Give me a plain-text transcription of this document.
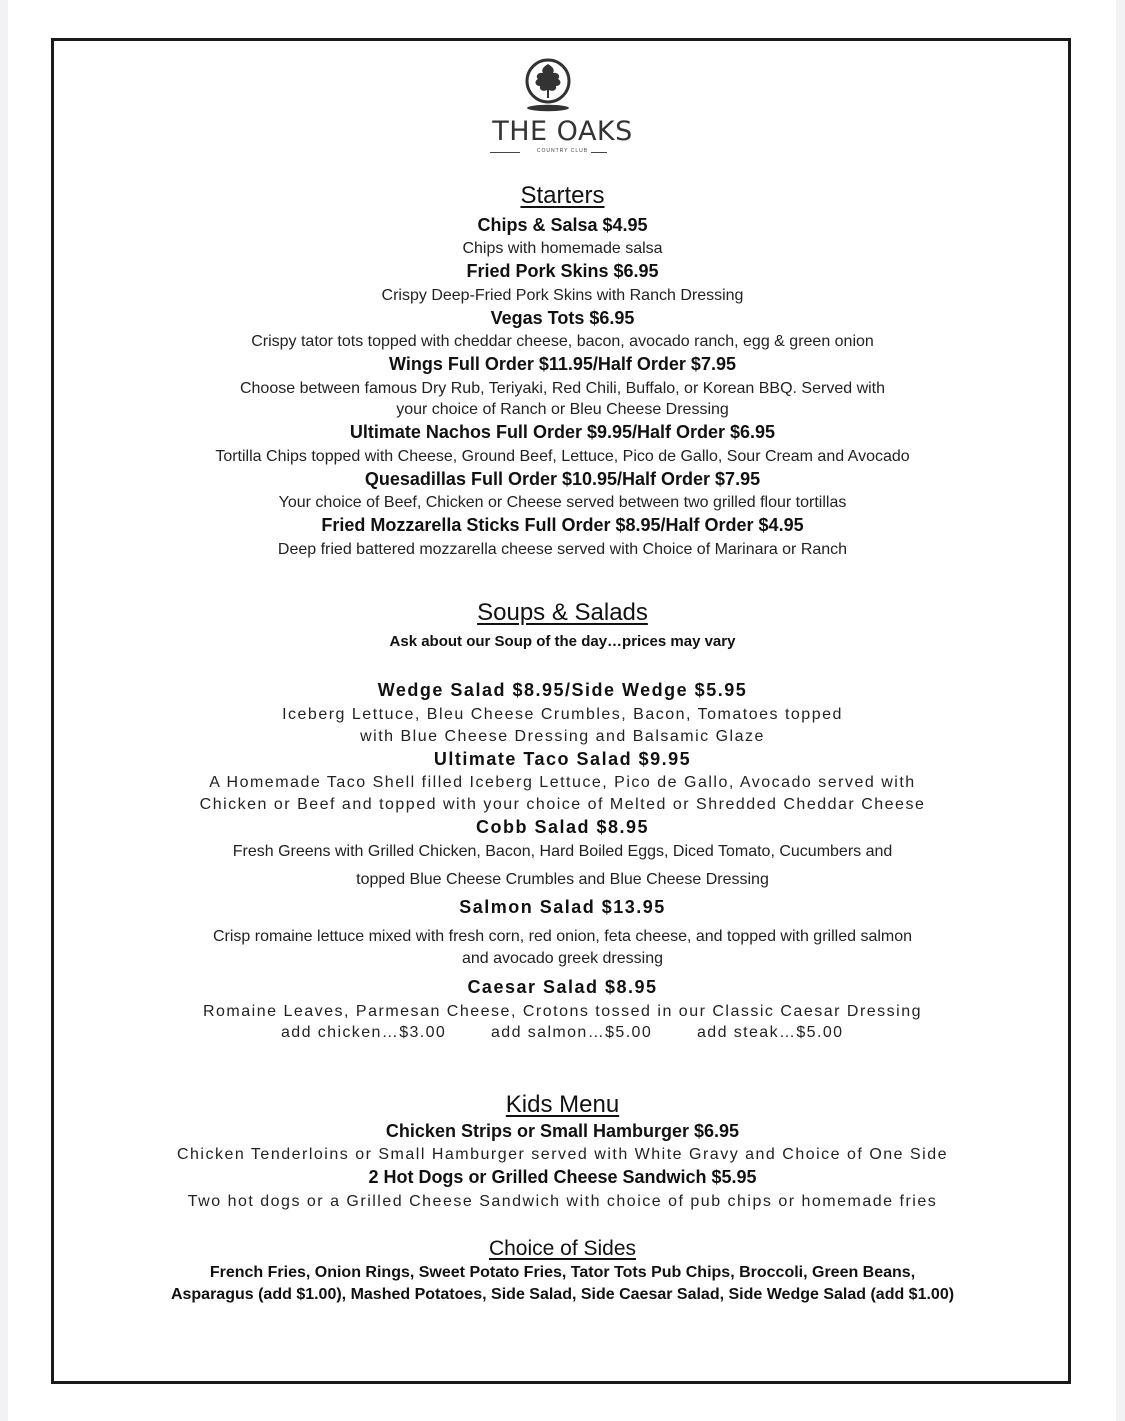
THE OAKS
COUNTRY CLUB
Starters
Chips & Salsa $4.95
Chips with homemade salsa
Fried Pork Skins $6.95
Crispy Deep-Fried Pork Skins with Ranch Dressing
Vegas Tots $6.95
Crispy tator tots topped with cheddar cheese, bacon, avocado ranch, egg & green onion
Wings Full Order $11.95/Half Order $7.95
Choose between famous Dry Rub, Teriyaki, Red Chili, Buffalo, or Korean BBQ. Served with
your choice of Ranch or Bleu Cheese Dressing
Ultimate Nachos Full Order $9.95/Half Order $6.95
Tortilla Chips topped with Cheese, Ground Beef, Lettuce, Pico de Gallo, Sour Cream and Avocado
Quesadillas Full Order $10.95/Half Order $7.95
Your choice of Beef, Chicken or Cheese served between two grilled flour tortillas
Fried Mozzarella Sticks Full Order $8.95/Half Order $4.95
Deep fried battered mozzarella cheese served with Choice of Marinara or Ranch
Soups & Salads
Ask about our Soup of the day…prices may vary
Wedge Salad $8.95/Side Wedge $5.95
Iceberg Lettuce, Bleu Cheese Crumbles, Bacon, Tomatoes topped
with Blue Cheese Dressing and Balsamic Glaze
Ultimate Taco Salad $9.95
A Homemade Taco Shell filled Iceberg Lettuce, Pico de Gallo, Avocado served with
Chicken or Beef and topped with your choice of Melted or Shredded Cheddar Cheese
Cobb Salad $8.95
Fresh Greens with Grilled Chicken, Bacon, Hard Boiled Eggs, Diced Tomato, Cucumbers and
topped Blue Cheese Crumbles and Blue Cheese Dressing
Salmon Salad $13.95
Crisp romaine lettuce mixed with fresh corn, red onion, feta cheese, and topped with grilled salmon
and avocado greek dressing
Caesar Salad $8.95
Romaine Leaves, Parmesan Cheese, Crotons tossed in our Classic Caesar Dressing
add chicken…$3.00	add salmon…$5.00	add steak…$5.00
Kids Menu
Chicken Strips or Small Hamburger $6.95
Chicken Tenderloins or Small Hamburger served with White Gravy and Choice of One Side
2 Hot Dogs or Grilled Cheese Sandwich $5.95
Two hot dogs or a Grilled Cheese Sandwich with choice of pub chips or homemade fries
Choice of Sides
French Fries, Onion Rings, Sweet Potato Fries, Tator Tots Pub Chips, Broccoli, Green Beans,
Asparagus (add $1.00), Mashed Potatoes, Side Salad, Side Caesar Salad, Side Wedge Salad (add $1.00)
